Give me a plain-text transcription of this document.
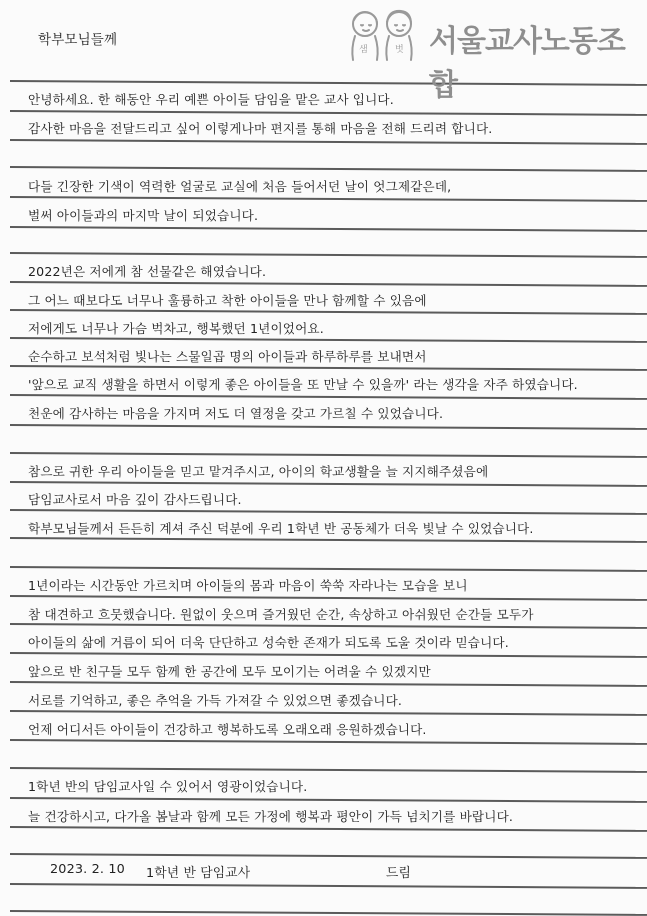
학부모님들께
안녕하세요. 한 해동안 우리 예쁜 아이들 담임을 맡은 교사 입니다.
감사한 마음을 전달드리고 싶어 이렇게나마 편지를 통해 마음을 전해 드리려 합니다.
다들 긴장한 기색이 역력한 얼굴로 교실에 처음 들어서던 날이 엇그제같은데,
벌써 아이들과의 마지막 날이 되었습니다.
2022년은 저에게 참 선물같은 해였습니다.
그 어느 때보다도 너무나 훌륭하고 착한 아이들을 만나 함께할 수 있음에
저에게도 너무나 가슴 벅차고, 행복했던 1년이었어요.
순수하고 보석처럼 빛나는 스물일곱 명의 아이들과 하루하루를 보내면서
'앞으로 교직 생활을 하면서 이렇게 좋은 아이들을 또 만날 수 있을까' 라는 생각을 자주 하였습니다.
천운에 감사하는 마음을 가지며 저도 더 열정을 갖고 가르칠 수 있었습니다.
참으로 귀한 우리 아이들을 믿고 맡겨주시고, 아이의 학교생활을 늘 지지해주셨음에
담임교사로서 마음 깊이 감사드립니다.
학부모님들께서 든든히 계셔 주신 덕분에 우리 1학년 반 공동체가 더욱 빛날 수 있었습니다.
1년이라는 시간동안 가르치며 아이들의 몸과 마음이 쑥쑥 자라나는 모습을 보니
참 대견하고 흐뭇했습니다. 원없이 웃으며 즐거웠던 순간, 속상하고 아쉬웠던 순간들 모두가
아이들의 삶에 거름이 되어 더욱 단단하고 성숙한 존재가 되도록 도울 것이라 믿습니다.
앞으로 반 친구들 모두 함께 한 공간에 모두 모이기는 어려울 수 있겠지만
서로를 기억하고, 좋은 추억을 가득 가져갈 수 있었으면 좋겠습니다.
언제 어디서든 아이들이 건강하고 행복하도록 오래오래 응원하겠습니다.
1학년 반의 담임교사일 수 있어서 영광이었습니다.
늘 건강하시고, 다가올 봄날과 함께 모든 가정에 행복과 평안이 가득 넘치기를 바랍니다.
2023. 2. 10 1학년 반 담임교사	드림
샘	벗 서울교사노동조합
